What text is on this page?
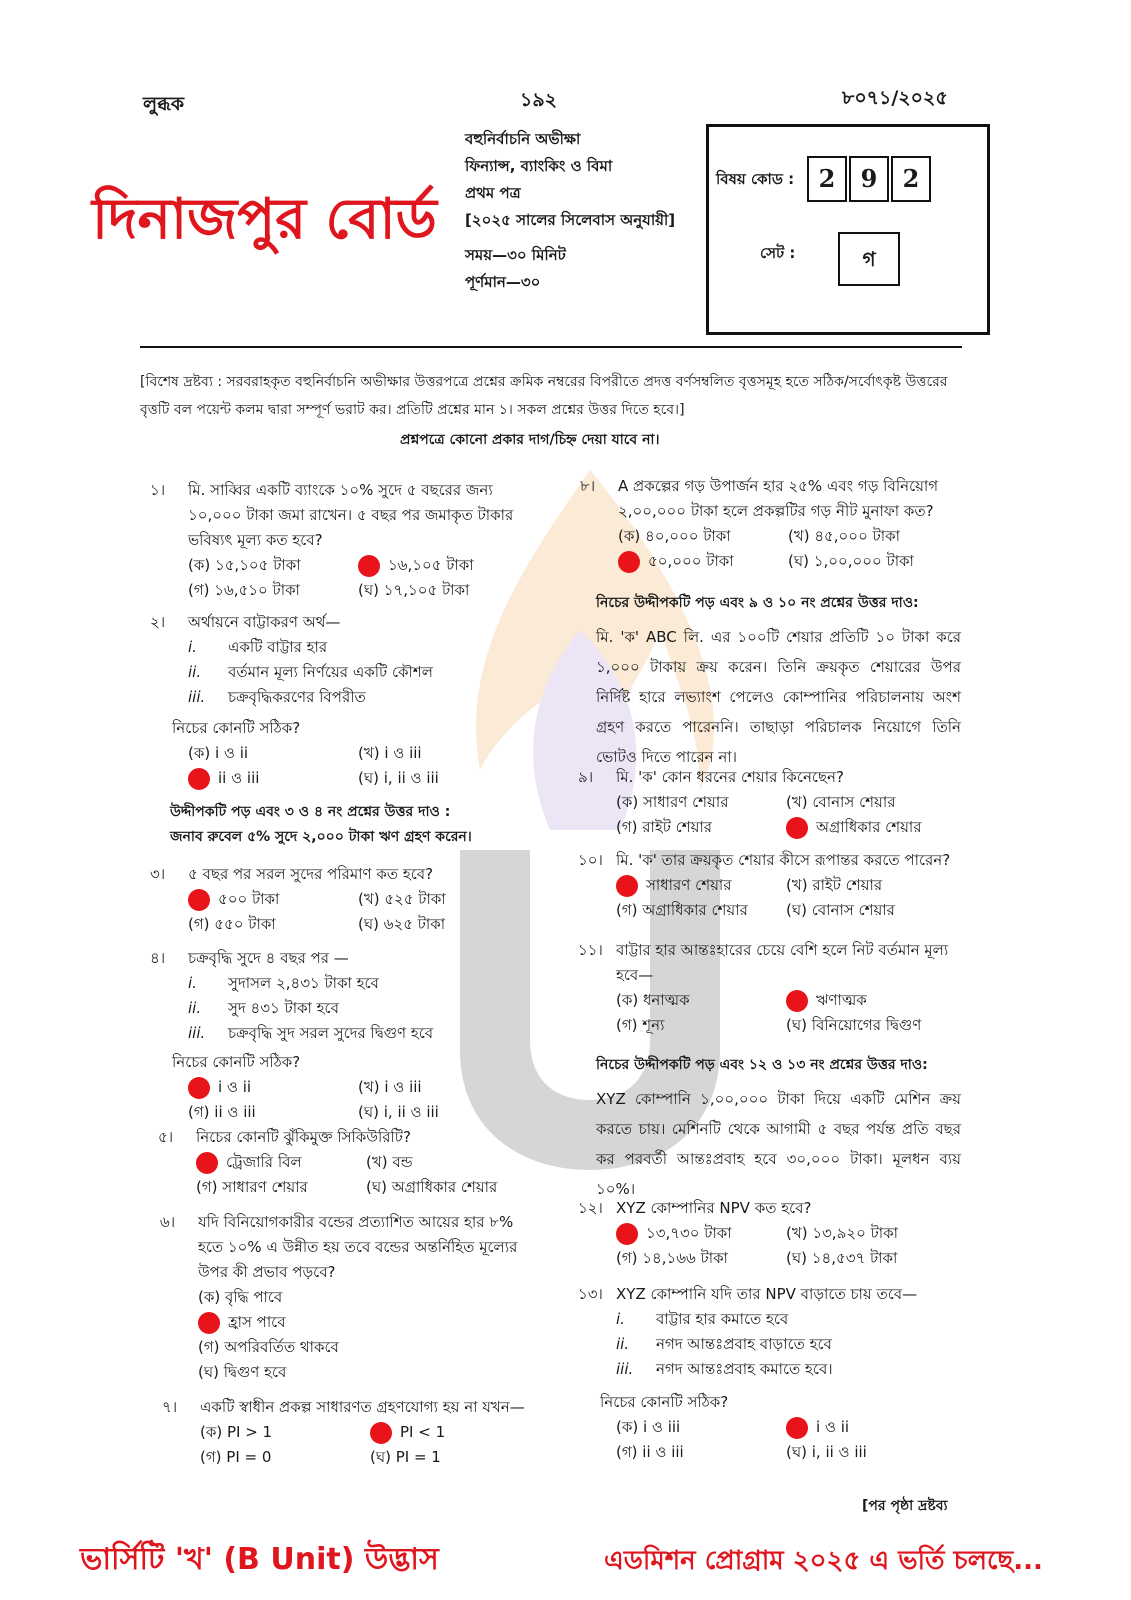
লুব্ধক	১৯২	৮০৭১/২০২৫
দিনাজপুর বোর্ড
বহুনির্বাচনি অভীক্ষা
ফিন্যান্স, ব্যাংকিং ও বিমা
প্রথম পত্র
[২০২৫ সালের সিলেবাস অনুযায়ী]
সময়—৩০ মিনিট
পূর্ণমান—৩০
বিষয় কোড :	2	9	2
সেট :	গ
[বিশেষ দ্রষ্টব্য : সরবরাহকৃত বহুনির্বাচনি অভীক্ষার উত্তরপত্রে প্রশ্নের ক্রমিক নম্বরের বিপরীতে প্রদত্ত বর্ণসম্বলিত বৃত্তসমূহ হতে সঠিক/সর্বোৎকৃষ্ট উত্তরের বৃত্তটি বল পয়েন্ট কলম দ্বারা সম্পূর্ণ ভরাট কর। প্রতিটি প্রশ্নের মান ১। সকল প্রশ্নের উত্তর দিতে হবে।]
প্রশ্নপত্রে কোনো প্রকার দাগ/চিহ্ন দেয়া যাবে না।
১। মি. সাব্বির একটি ব্যাংকে ১০% সুদে ৫ বছরের জন্য ১০,০০০ টাকা জমা রাখেন। ৫ বছর পর জমাকৃত টাকার ভবিষ্যৎ মূল্য কত হবে?
(ক) ১৫,১০৫ টাকা	১৬,১০৫ টাকা
(গ) ১৬,৫১০ টাকা	(ঘ) ১৭,১০৫ টাকা
২। অর্থায়নে বাট্টাকরণ অর্থ—
i. একটি বাট্টার হার
ii. বর্তমান মূল্য নির্ণয়ের একটি কৌশল
iii. চক্রবৃদ্ধিকরণের বিপরীত
নিচের কোনটি সঠিক?
(ক) i ও ii	(খ) i ও iii
ii ও iii	(ঘ) i, ii ও iii
উদ্দীপকটি পড় এবং ৩ ও ৪ নং প্রশ্নের উত্তর দাও :
জনাব রুবেল ৫% সুদে ২,০০০ টাকা ঋণ গ্রহণ করেন।
৩। ৫ বছর পর সরল সুদের পরিমাণ কত হবে?
৫০০ টাকা	(খ) ৫২৫ টাকা
(গ) ৫৫০ টাকা	(ঘ) ৬২৫ টাকা
৪। চক্রবৃদ্ধি সুদে ৪ বছর পর —
i. সুদাসল ২,৪৩১ টাকা হবে
ii. সুদ ৪৩১ টাকা হবে
iii. চক্রবৃদ্ধি সুদ সরল সুদের দ্বিগুণ হবে
নিচের কোনটি সঠিক?
i ও ii	(খ) i ও iii
(গ) ii ও iii	(ঘ) i, ii ও iii
৫। নিচের কোনটি ঝুঁকিমুক্ত সিকিউরিটি?
ট্রেজারি বিল	(খ) বন্ড
(গ) সাধারণ শেয়ার	(ঘ) অগ্রাধিকার শেয়ার
৬। যদি বিনিয়োগকারীর বন্ডের প্রত্যাশিত আয়ের হার ৮% হতে ১০% এ উন্নীত হয় তবে বন্ডের অন্তর্নিহিত মূল্যের উপর কী প্রভাব পড়বে?
(ক) বৃদ্ধি পাবে
হ্রাস পাবে
(গ) অপরিবর্তিত থাকবে
(ঘ) দ্বিগুণ হবে
৭। একটি স্বাধীন প্রকল্প সাধারণত গ্রহণযোগ্য হয় না যখন—
(ক) PI > 1	PI < 1
(গ) PI = 0	(ঘ) PI = 1
৮। A প্রকল্পের গড় উপার্জন হার ২৫% এবং গড় বিনিয়োগ ২,০০,০০০ টাকা হলে প্রকল্পটির গড় নীট মুনাফা কত?
(ক) ৪০,০০০ টাকা	(খ) ৪৫,০০০ টাকা
৫০,০০০ টাকা	(ঘ) ১,০০,০০০ টাকা
নিচের উদ্দীপকটি পড় এবং ৯ ও ১০ নং প্রশ্নের উত্তর দাও:
মি. 'ক' ABC লি. এর ১০০টি শেয়ার প্রতিটি ১০ টাকা করে ১,০০০ টাকায় ক্রয় করেন। তিনি ক্রয়কৃত শেয়ারের উপর নির্দিষ্ট হারে লভ্যাংশ পেলেও কোম্পানির পরিচালনায় অংশ গ্রহণ করতে পারেননি। তাছাড়া পরিচালক নিয়োগে তিনি ভোটও দিতে পারেন না।
৯। মি. 'ক' কোন ধরনের শেয়ার কিনেছেন?
(ক) সাধারণ শেয়ার	(খ) বোনাস শেয়ার
(গ) রাইট শেয়ার	অগ্রাধিকার শেয়ার
১০। মি. 'ক' তার ক্রয়কৃত শেয়ার কীসে রূপান্তর করতে পারেন?
সাধারণ শেয়ার	(খ) রাইট শেয়ার
(গ) অগ্রাধিকার শেয়ার	(ঘ) বোনাস শেয়ার
১১। বাট্টার হার আন্তঃহারের চেয়ে বেশি হলে নিট বর্তমান মূল্য হবে—
(ক) ধনাত্মক	ঋণাত্মক
(গ) শূন্য	(ঘ) বিনিয়োগের দ্বিগুণ
নিচের উদ্দীপকটি পড় এবং ১২ ও ১৩ নং প্রশ্নের উত্তর দাও:
XYZ কোম্পানি ১,০০,০০০ টাকা দিয়ে একটি মেশিন ক্রয় করতে চায়। মেশিনটি থেকে আগামী ৫ বছর পর্যন্ত প্রতি বছর কর পরবর্তী আন্তঃপ্রবাহ হবে ৩০,০০০ টাকা। মূলধন ব্যয় ১০%।
১২। XYZ কোম্পানির NPV কত হবে?
১৩,৭৩০ টাকা	(খ) ১৩,৯২০ টাকা
(গ) ১৪,১৬৬ টাকা	(ঘ) ১৪,৫৩৭ টাকা
১৩। XYZ কোম্পানি যদি তার NPV বাড়াতে চায় তবে—
i. বাট্টার হার কমাতে হবে
ii. নগদ আন্তঃপ্রবাহ বাড়াতে হবে
iii. নগদ আন্তঃপ্রবাহ কমাতে হবে।
নিচের কোনটি সঠিক?
(ক) i ও iii	i ও ii
(গ) ii ও iii	(ঘ) i, ii ও iii
[পর পৃষ্ঠা দ্রষ্টব্য
ভার্সিটি 'খ' (B Unit) উদ্ভাস	এডমিশন প্রোগ্রাম ২০২৫ এ ভর্তি চলছে...
